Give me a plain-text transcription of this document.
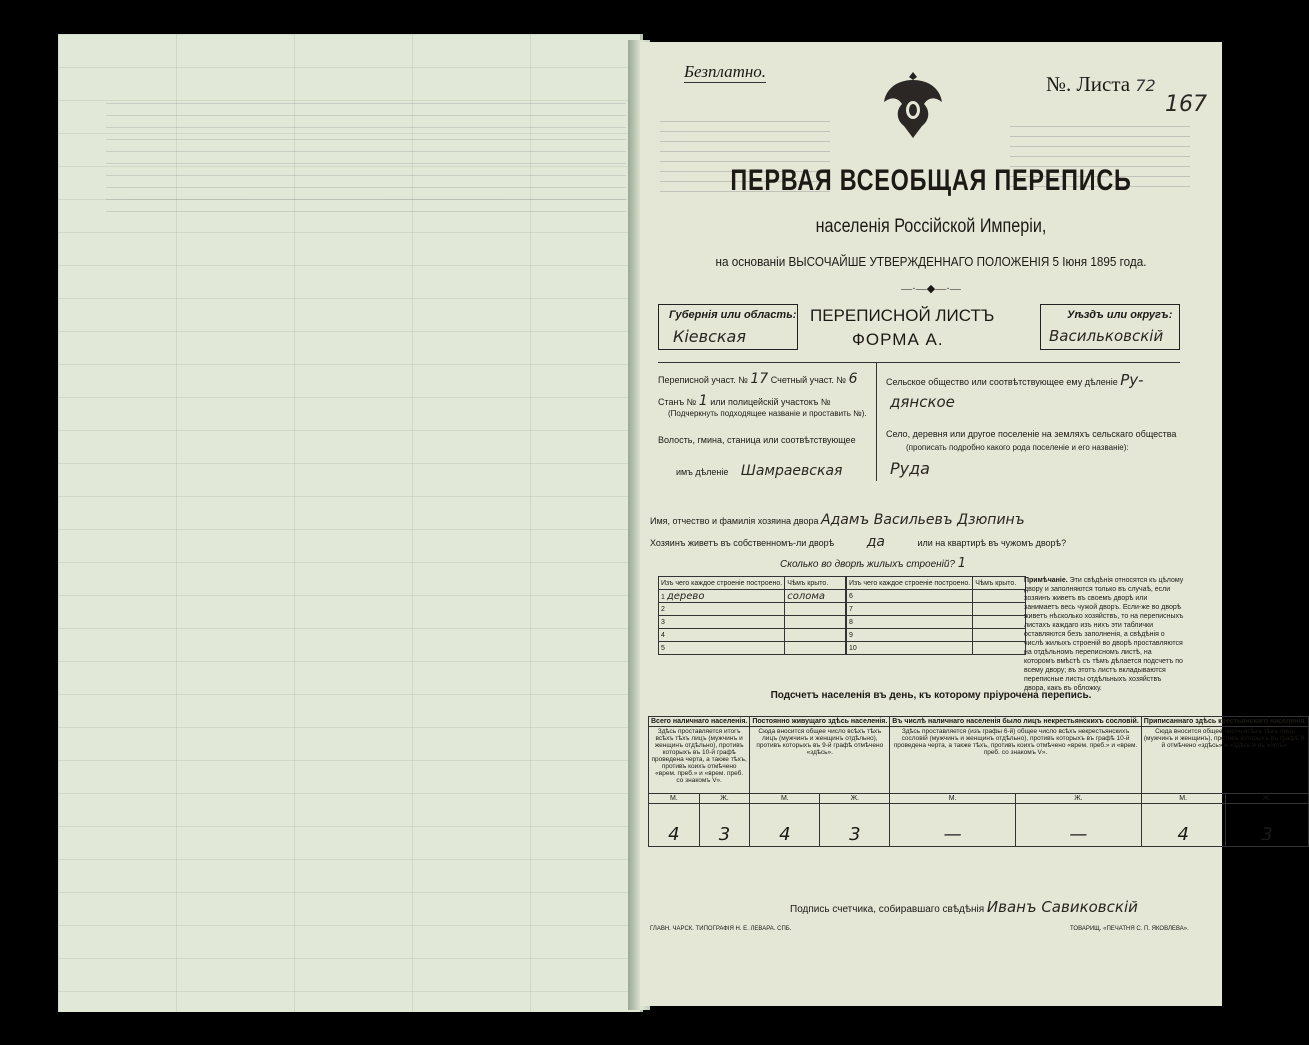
Безплатно.
№. Листа 72
167
ПЕРВАЯ ВСЕОБЩАЯ ПЕРЕПИСЬ
населенія Россійской Имперіи,
на основаніи ВЫСОЧАЙШЕ УТВЕРЖДЕННАГО ПОЛОЖЕНІЯ 5 Іюня 1895 года.
—·—◆—·—
Губернія или область:
Кіевская
ПЕРЕПИСНОЙ ЛИСТЪ
ФОРМА А.
Уѣздъ или округъ:
Васильковскій
Переписной участ. № 17 Счетный участ. № 6
Станъ № 1 или полицейскій участокъ №
(Подчеркнуть подходящее названіе и проставить №).
Волость, гмина, станица или соотвѣтствующее
имъ дѣленіе Шамраевская
Сельское общество или соотвѣтствующее ему дѣленіе Ру-
дянское
Село, деревня или другое поселеніе на земляхъ сельскаго общества
(прописать подробно какого рода поселеніе и его названіе):
Руда
Имя, отчество и фамилія хозяина двора Адамъ Васильевъ Дзюпинъ
Хозяинъ живетъ въ собственномъ-ли дворѣ да	или на квартирѣ въ чужомъ дворѣ?
Сколько во дворѣ жилыхъ строеній? 1
Изъ чего каждое строеніе построено.	Чѣмъ крыто.
1 дерево	солома
2	
3	
4	
5	
Изъ чего каждое строеніе построено.	Чѣмъ крыто.
6	
7	
8	
9	
10	
Примѣчаніе. Эти свѣдѣнія относятся къ цѣлому двору и заполняются только въ случаѣ, если хозяинъ живетъ въ своемъ дворѣ или занимаетъ весь чужой дворъ. Если-же во дворѣ живетъ нѣсколько хозяйствъ, то на переписныхъ листахъ каждаго изъ нихъ эти таблички оставляются безъ заполненія, а свѣдѣнія о числѣ жилыхъ строеній во дворѣ проставляются на отдѣльномъ переписномъ листѣ, на которомъ вмѣстѣ съ тѣмъ дѣлается подсчетъ по всему двору; въ этотъ листъ вкладываются переписные листы отдѣльныхъ хозяйствъ двора, какъ въ обложку.
Подсчетъ населенія въ день, къ которому пріурочена перепись.
Всего наличнаго населенія.		Постоянно живущаго здѣсь населенія.		Въ числѣ наличнаго населенія было лицъ некрестьянскихъ сословій.		Приписаннаго здѣсь крестьянскаго населенія.	
Здѣсь проставляется итогъ всѣхъ тѣхъ лицъ (мужчинъ и женщинъ отдѣльно), противъ которыхъ въ 10-й графѣ проведена черта, а также тѣхъ, противъ коихъ отмѣчено «врем. преб.» и «врем. преб. со знакомъ V».		Сюда вносится общее число всѣхъ тѣхъ лицъ (мужчинъ и женщинъ отдѣльно), противъ которыхъ въ 9-й графѣ отмѣчено «здѣсь».		Здѣсь проставляется (изъ графы 6-й) общее число всѣхъ некрестьянскихъ сословій (мужчинъ и женщинъ отдѣльно), противъ которыхъ въ графѣ 10-й проведена черта, а также тѣхъ, противъ коихъ отмѣчено «врем. преб.» и «врем. преб. со знакомъ V».		Сюда вносится общее число всѣхъ тѣхъ лицъ (мужчинъ и женщинъ), противъ которыхъ въ графѣ 8-й отмѣчено «здѣсь» и «здѣсь и въ хость».	
М.	Ж.	М.	Ж.	М.	Ж.	М.	Ж.
4	3	4	3	—	—	4	3
Подпись счетчика, собиравшаго свѣдѣнія Иванъ Савиковскій
ГЛАВН. ЧАРСК. ТИПОГРАФІЯ Н. Е. ЛЕВАРА. СПБ.	ТОВАРИЩ. «ПЕЧАТНЯ С. П. ЯКОВЛЕВА».
